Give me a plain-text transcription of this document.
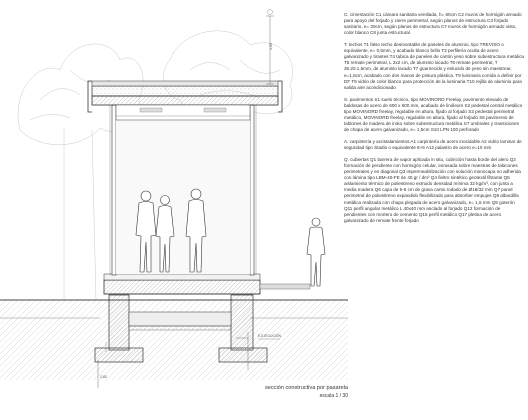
1,05
2,60
E-EJECUCIÓN

C. cimentación C1 cámara sanitaria ventilada, h= 60cm C2 muros de hormigón armado para apoyo del forjado y cierre perimetral, según planos de estructura C3 forjado sanitario, e= 30cm, según planos de estructura C7 muros de hormigón armado visto, color blanco C8 junta estructural

T. techos T1 falso techo desmontable de paneles de aluminio, tipo TREVISO o equivalente, e= 0,5mm, y acabado blanco brillo T3 perfilería oculta de acero galvanizado y tirantes T4 tabica de paneles de cartón yeso sobre subestructura metálica T5 remate perimetral, L 2x2 cm, de aluminio lacado T6 remate perimetral, T 35.20.1,5mm, de aluminio lacado T7 guarnecido y enlucido de yeso sin maestrear, e=1,5cm, acabado con dos manos de pintura plástica. T8 luminaria corrida a definir por DF T9 vidrio de color blanco para protección de la luminaria T10 rejilla de aluminio para salida aire acondicionado

S. pavimentos S1 suelo técnico, tipo MOVINORD Freelay, pavimento elevado de baldosas de acero de 600 x 600 mm, acabado de linóleum S2 pedestal central metálico tipo MOVINORD freelay, regulable en altura, fijado al forjado S3 pedestal perimetral metálico, MOVINORD freelay, regulable en altura, fijado al forjado S6 pavimento de tablones de madera de iroko sobre subestructura metálica S7 umbrales y transiciones de chapa de acero galvanizado, e= 1,5cm S10 LPN 100 perforado

A. carpintería y acristalamientos A1 carpintería de acero inoxidable A2 vidrio laminar de seguridad tipo Stadio o equivalente 6+6 A12 palastro de acero e=10 mm

Q. cubiertas Q1 barrera de vapor aplicada in situ, cubrición hasta borde del alero Q2 formación de pendiente con hormigón celular, enrasada sobre maestras de tabicones perimetrales y en diagonal Q3 impermeabilización con solución monocapa no adherida con lámina tipo LBM-40-FE de 40 gr / dm² Q4 fieltro sintético geotextil filtrante Q5 aislamiento térmico de poliestireno extruido densidad mínima 32 kg/m³, con junta a media madera Q6 capa de 5-6 cm de grava canto rodado de Ø16/32 mm Q7 panel perimetral de poliestireno expandido flexibilizado para absorber empujes Q8 albardilla metálica realizada con chapa plegada de acero galvanizado, e= 1,5 mm Q9 goterón Q11 perfil angular metálico L 40x40 mm anclado al forjado Q12 formación de pendientes con mortero de cemento Q15 perfil metálico Q17 pletina de acero galvanizado de remate frente forjado

sección constructiva por pasarela
escala 1 / 30
